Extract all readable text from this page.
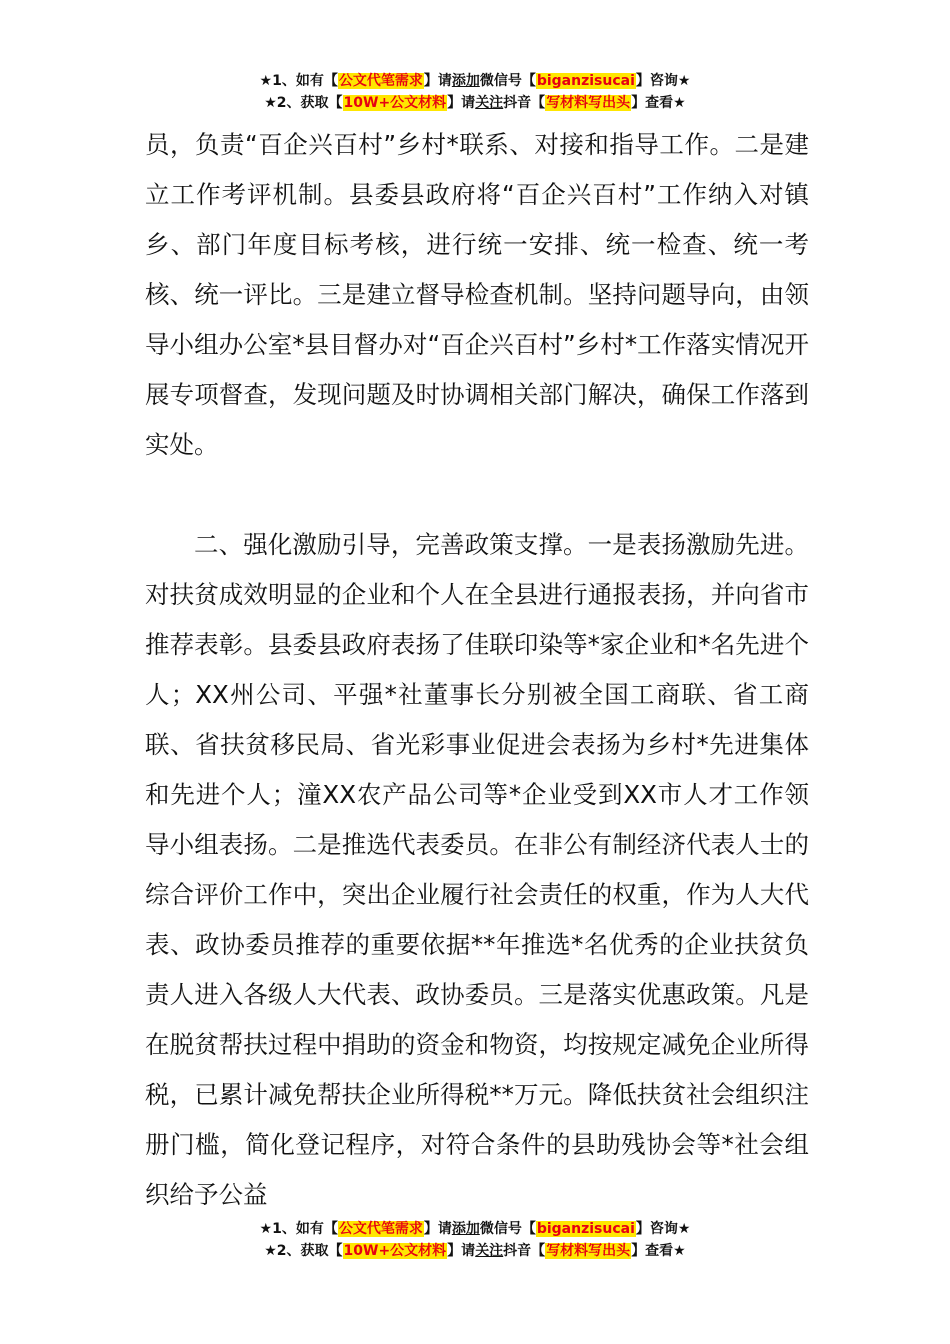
★1、如有【公文代笔需求】请添加微信号【biganzisucai】咨询★
★2、获取【10W+公文材料】请关注抖音【写材料写出头】查看★

员，负责“百企兴百村”乡村*联系、对接和指导工作。二是建立工作考评机制。县委县政府将“百企兴百村”工作纳入对镇乡、部门年度目标考核，进行统一安排、统一检查、统一考核、统一评比。三是建立督导检查机制。坚持问题导向，由领导小组办公室*县目督办对“百企兴百村”乡村*工作落实情况开展专项督查，发现问题及时协调相关部门解决，确保工作落到实处。

二、强化激励引导，完善政策支撑。一是表扬激励先进。对扶贫成效明显的企业和个人在全县进行通报表扬，并向省市推荐表彰。县委县政府表扬了佳联印染等*家企业和*名先进个人；XX州公司、平强*社董事长分别被全国工商联、省工商联、省扶贫移民局、省光彩事业促进会表扬为乡村*先进集体和先进个人；潼XX农产品公司等*企业受到XX市人才工作领导小组表扬。二是推选代表委员。在非公有制经济代表人士的综合评价工作中，突出企业履行社会责任的权重，作为人大代表、政协委员推荐的重要依据**年推选*名优秀的企业扶贫负责人进入各级人大代表、政协委员。三是落实优惠政策。凡是在脱贫帮扶过程中捐助的资金和物资，均按规定减免企业所得税，已累计减免帮扶企业所得税**万元。降低扶贫社会组织注册门槛，简化登记程序，对符合条件的县助残协会等*社会组织给予公益

★1、如有【公文代笔需求】请添加微信号【biganzisucai】咨询★
★2、获取【10W+公文材料】请关注抖音【写材料写出头】查看★
